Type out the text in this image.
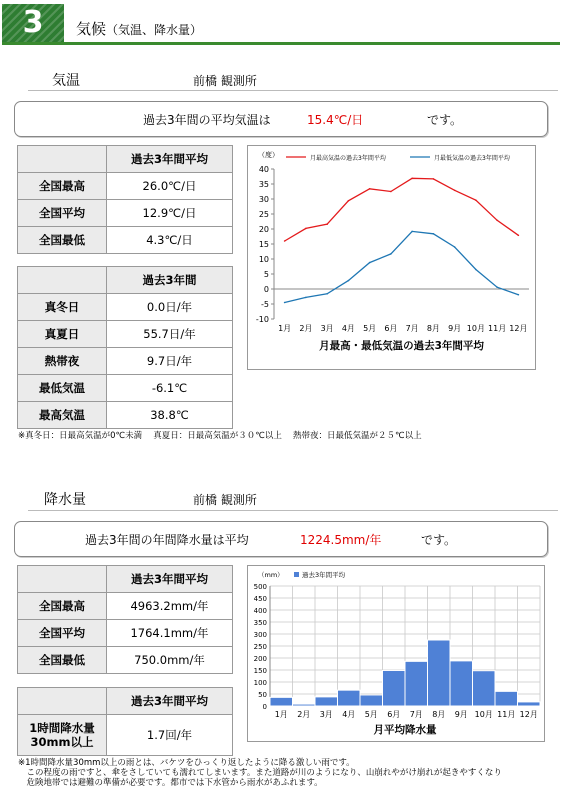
3	気候（気温、降水量）
気温	前橋 観測所
過去3年間の平均気温は	15.4℃/日	です。
	過去3年間平均
全国最高	26.0℃/日
全国平均	12.9℃/日
全国最低	4.3℃/日
	過去3年間
真冬日	0.0日/年
真夏日	55.7日/年
熱帯夜	9.7日/年
最低気温	-6.1℃
最高気温	38.8℃
-10
-5
0
5
10
15
20
25
30
35
40
1月 2月 3月 4月 5月 6月 7月 8月 9月 10月 11月 12月
（度）	月最高気温の過去3年間平均	月最低気温の過去3年間平均
月最高・最低気温の過去3年間平均
※真冬日：日最高気温が0℃未満　 真夏日：日最高気温が３０℃以上　 熱帯夜：日最低気温が２５℃以上
降水量	前橋 観測所
過去3年間の年間降水量は平均	1224.5mm/年	です。
	過去3年間平均
全国最高	4963.2mm/年
全国平均	1764.1mm/年
全国最低	750.0mm/年
	過去3年間平均

1時間降水量
30mm以上	1.7回/年
0
50
100
150
200
250
300
350
400
450
500
1月 2月 3月 4月 5月 6月 7月 8月 9月 10月 11月 12月
（mm）	過去3年間平均
月平均降水量
※1時間降水量30mm以上の雨とは、バケツをひっくり返したように降る激しい雨です。
　この程度の雨ですと、傘をさしていても濡れてしまいます。また道路が川のようになり、山崩れやがけ崩れが起きやすくなり
　危険地帯では避難の準備が必要です。都市では下水管から雨水があふれます。
